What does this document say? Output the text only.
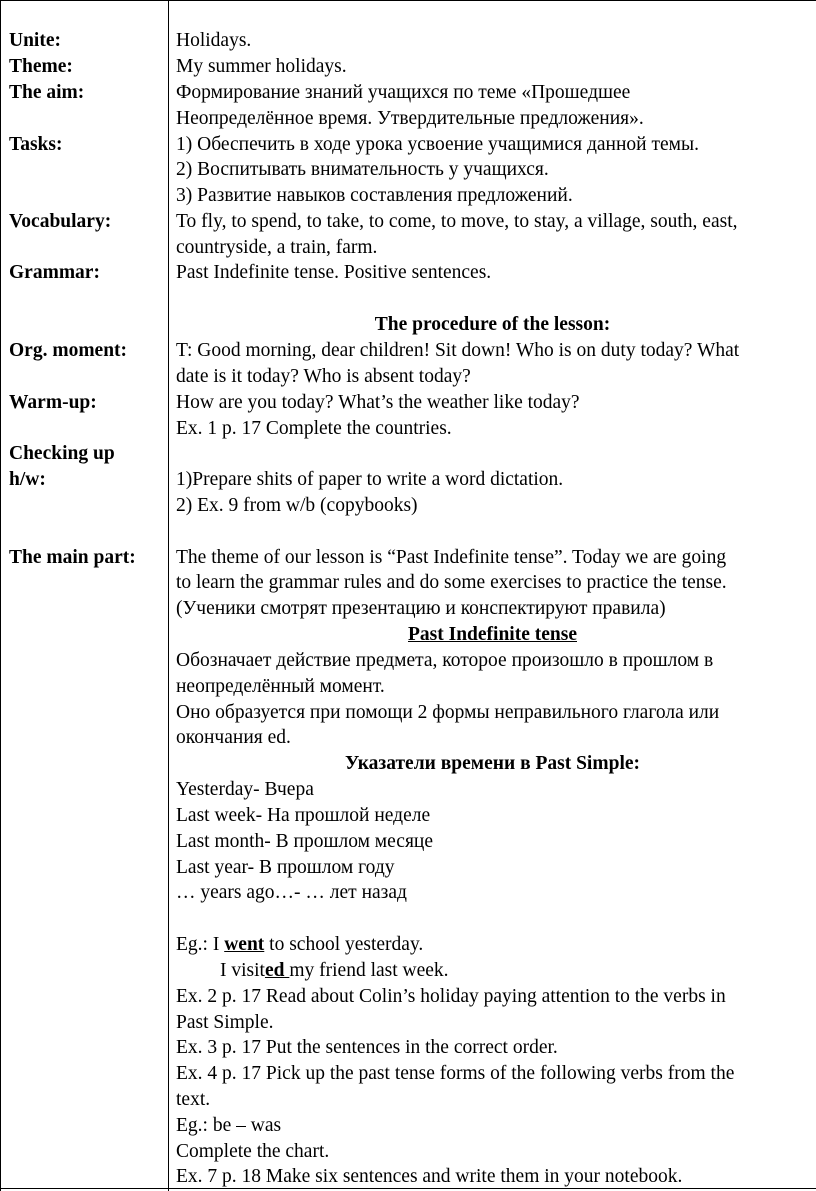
Unite:
Theme:
The aim:
Tasks:
Vocabulary:
Grammar:
Org. moment:
Warm-up:
Checking up
h/w:
The main part:
Holidays.
My summer holidays.
Формирование знаний учащихся по теме «Прошедшее
Неопределённое время. Утвердительные предложения».
1) Обеспечить в ходе урока усвоение учащимися данной темы.
2) Воспитывать внимательность у учащихся.
3) Развитие навыков составления предложений.
To fly, to spend, to take, to come, to move, to stay, a village, south, east,
countryside, a train, farm.
Past Indefinite tense. Positive sentences.
The procedure of the lesson:
T: Good morning, dear children! Sit down! Who is on duty today? What
date is it today? Who is absent today?
How are you today? What’s the weather like today?
Ex. 1 p. 17 Complete the countries.
1)Prepare shits of paper to write a word dictation.
2) Ex. 9 from w/b (copybooks)
The theme of our lesson is “Past Indefinite tense”. Today we are going
to learn the grammar rules and do some exercises to practice the tense.
(Ученики смотрят презентацию и конспектируют правила)
Past Indefinite tense
Обозначает действие предмета, которое произошло в прошлом в
неопределённый момент.
Оно образуется при помощи 2 формы неправильного глагола или
окончания ed.
Указатели времени в Past Simple:
Yesterday- Вчера
Last week- На прошлой неделе
Last month- В прошлом месяце
Last year- В прошлом году
… years ago…- … лет назад
Eg.: I went to school yesterday.
I visited my friend last week.
Ex. 2 p. 17 Read about Colin’s holiday paying attention to the verbs in
Past Simple.
Ex. 3 p. 17 Put the sentences in the correct order.
Ex. 4 p. 17 Pick up the past tense forms of the following verbs from the
text.
Eg.: be – was
Complete the chart.
Ex. 7 p. 18 Make six sentences and write them in your notebook.
